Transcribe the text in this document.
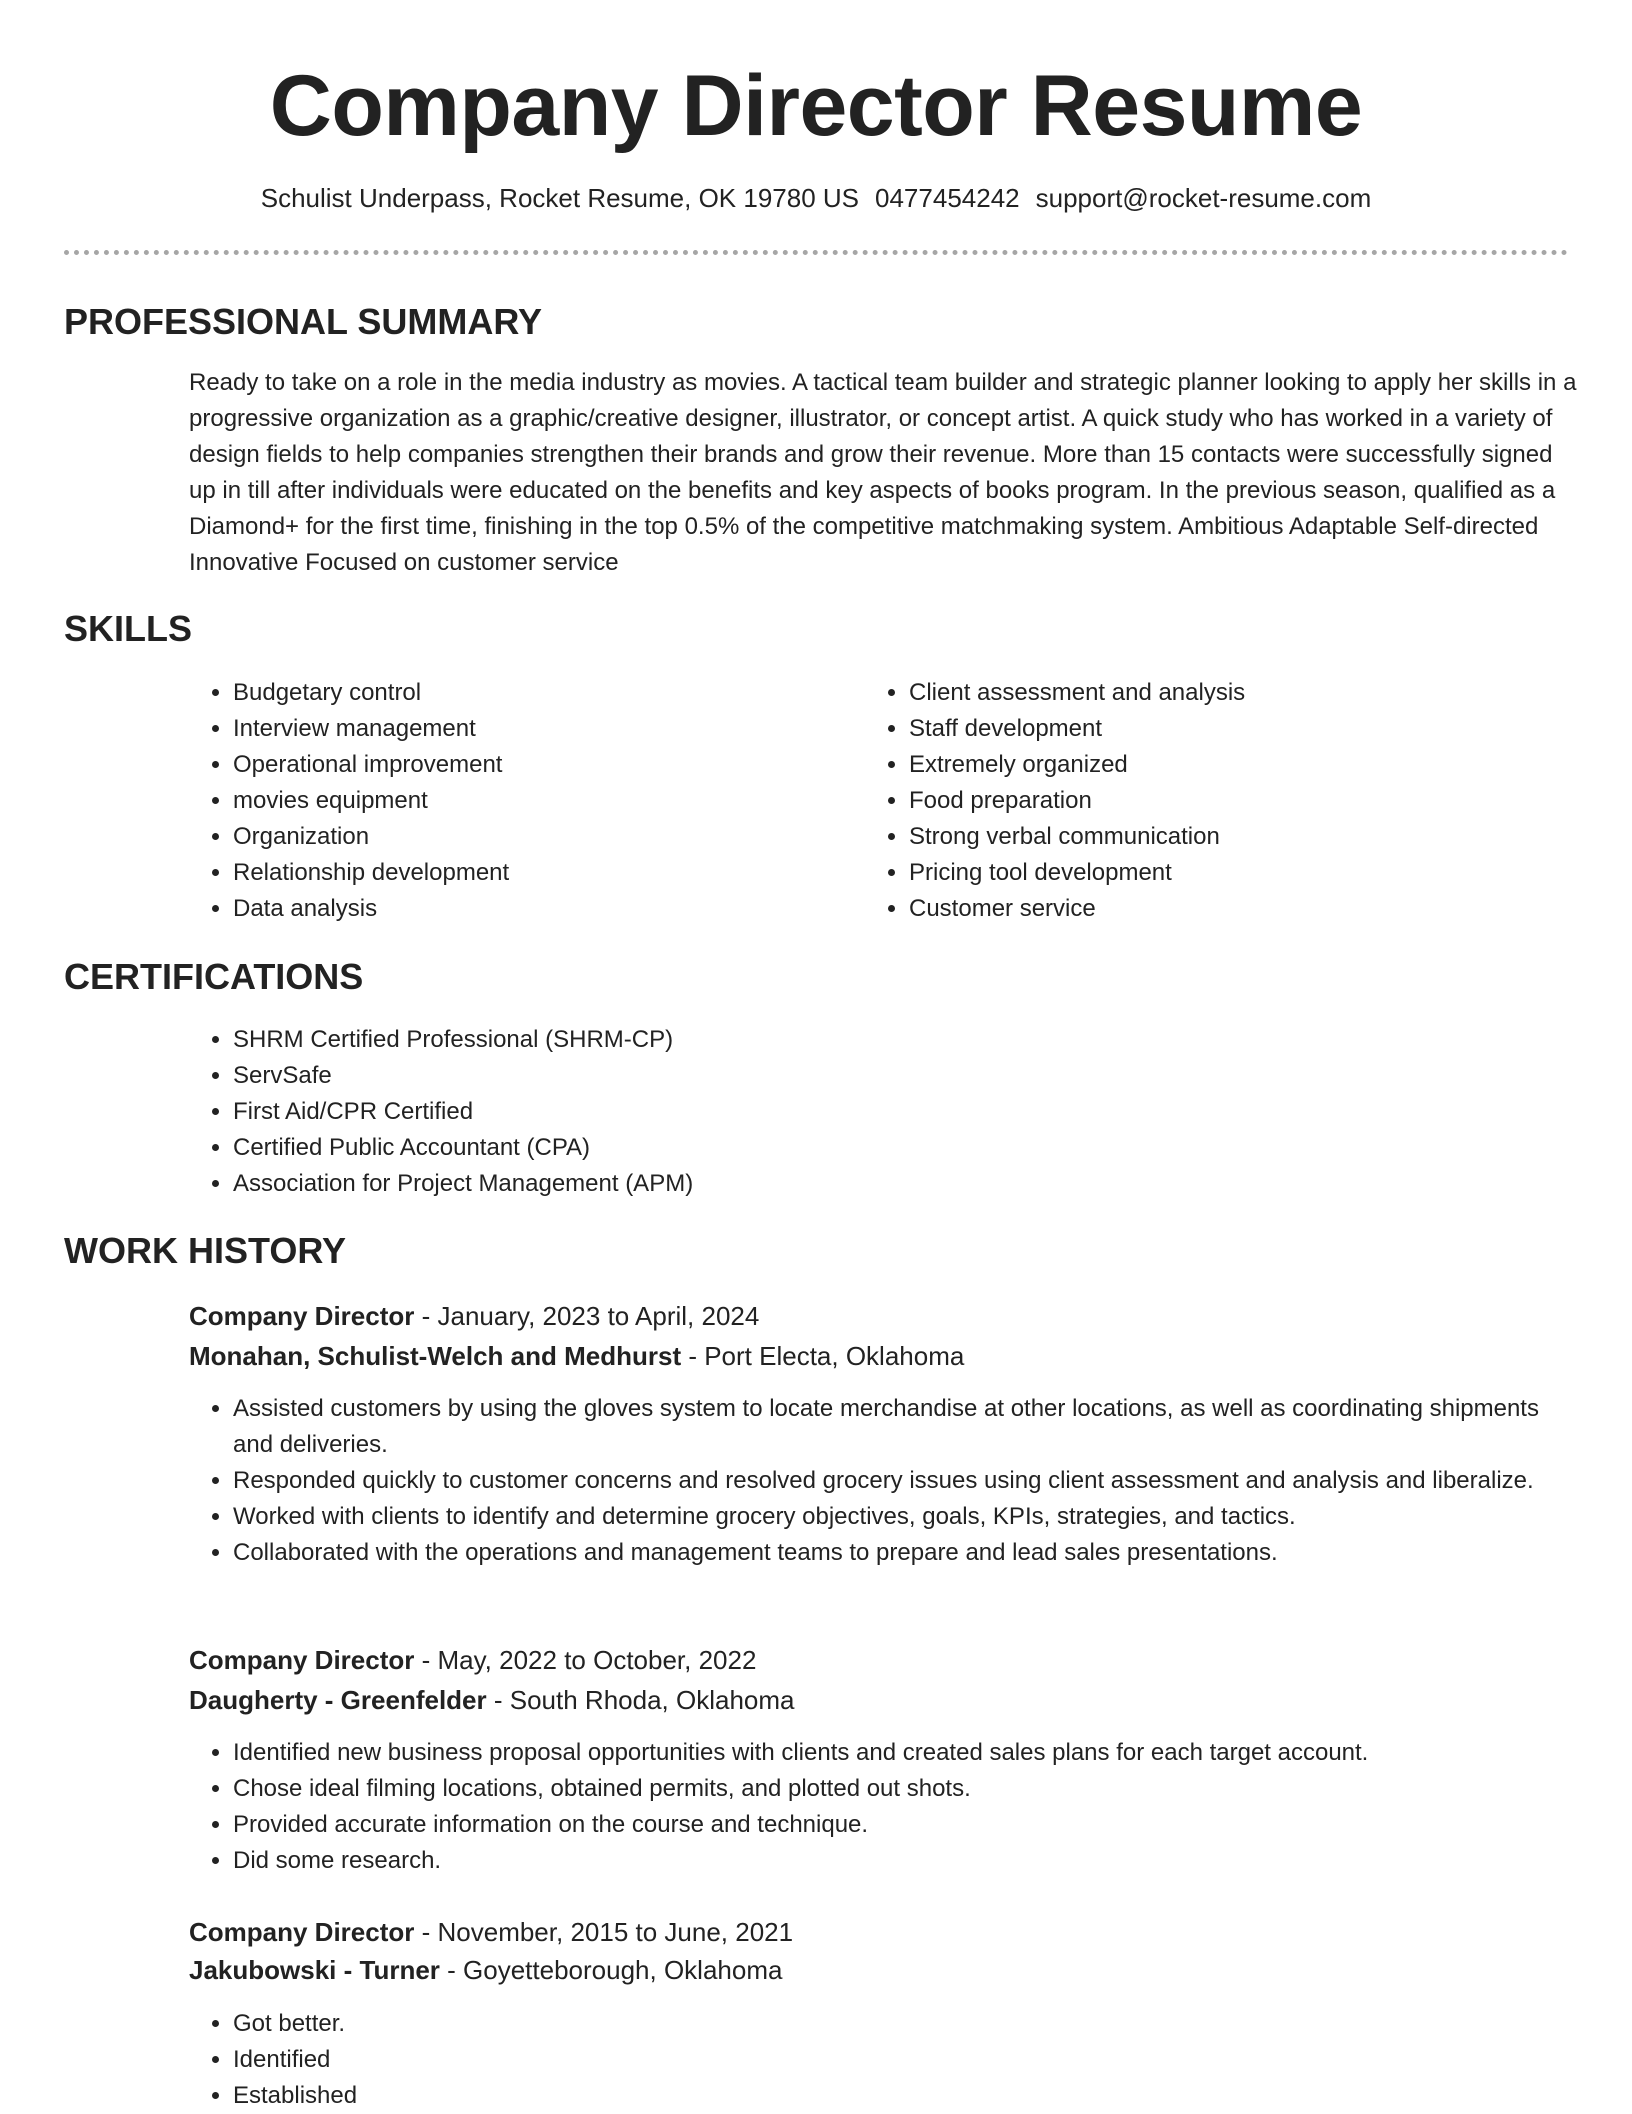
Company Director Resume
Schulist Underpass, Rocket Resume, OK 19780 US 0477454242 support@rocket-resume.com
PROFESSIONAL SUMMARY
Ready to take on a role in the media industry as movies. A tactical team builder and strategic planner looking to apply her skills in a progressive organization as a graphic/creative designer, illustrator, or concept artist. A quick study who has worked in a variety of design fields to help companies strengthen their brands and grow their revenue. More than 15 contacts were successfully signed up in till after individuals were educated on the benefits and key aspects of books program. In the previous season, qualified as a Diamond+ for the first time, finishing in the top 0.5% of the competitive matchmaking system. Ambitious Adaptable Self-directed Innovative Focused on customer service
SKILLS
• Budgetary control
• Interview management
• Operational improvement
• movies equipment
• Organization
• Relationship development
• Data analysis
• Client assessment and analysis
• Staff development
• Extremely organized
• Food preparation
• Strong verbal communication
• Pricing tool development
• Customer service
CERTIFICATIONS
• SHRM Certified Professional (SHRM-CP)
• ServSafe
• First Aid/CPR Certified
• Certified Public Accountant (CPA)
• Association for Project Management (APM)
WORK HISTORY
Company Director - January, 2023 to April, 2024
Monahan, Schulist-Welch and Medhurst - Port Electa, Oklahoma
• Assisted customers by using the gloves system to locate merchandise at other locations, as well as coordinating shipments and deliveries.
• Responded quickly to customer concerns and resolved grocery issues using client assessment and analysis and liberalize.
• Worked with clients to identify and determine grocery objectives, goals, KPIs, strategies, and tactics.
• Collaborated with the operations and management teams to prepare and lead sales presentations.
Company Director - May, 2022 to October, 2022
Daugherty - Greenfelder - South Rhoda, Oklahoma
• Identified new business proposal opportunities with clients and created sales plans for each target account.
• Chose ideal filming locations, obtained permits, and plotted out shots.
• Provided accurate information on the course and technique.
• Did some research.
Company Director - November, 2015 to June, 2021
Jakubowski - Turner - Goyetteborough, Oklahoma
• Got better.
• Identified
• Established
